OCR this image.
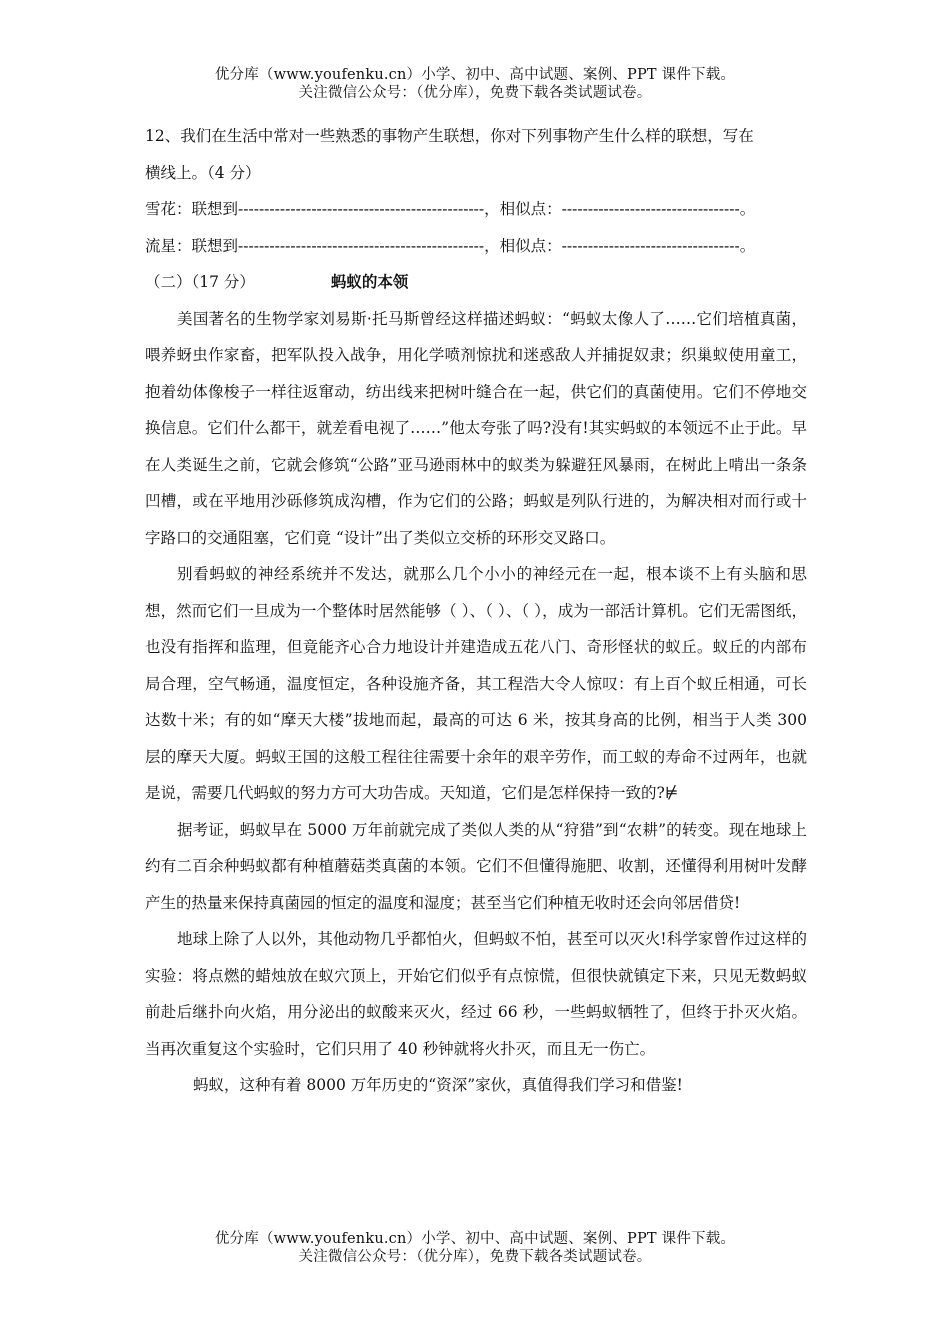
优分库（www.youfenku.cn）小学、初中、高中试题、案例、PPT 课件下载。
关注微信公众号：（优分库），免费下载各类试题试卷。
12、我们在生活中常对一些熟悉的事物产生联想，你对下列事物产生什么样的联想，写在
横线上。（4 分）
雪花：联想到-----------------------------------------------，相似点：----------------------------------。
流星：联想到-----------------------------------------------，相似点：----------------------------------。
（二）（17 分）	蚂蚁的本领
美国著名的生物学家刘易斯·托马斯曾经这样描述蚂蚁：“蚂蚁太像人了……它们培植真菌，喂养蚜虫作家畜，把军队投入战争，用化学喷剂惊扰和迷惑敌人并捕捉奴隶；织巢蚁使用童工，抱着幼体像梭子一样往返窜动，纺出线来把树叶缝合在一起，供它们的真菌使用。它们不停地交换信息。它们什么都干，就差看电视了……”他太夸张了吗?没有!其实蚂蚁的本领远不止于此。早在人类诞生之前，它就会修筑“公路”亚马逊雨林中的蚁类为躲避狂风暴雨，在树此上啃出一条条凹槽，或在平地用沙砾修筑成沟槽，作为它们的公路；蚂蚁是列队行进的，为解决相对而行或十字路口的交通阻塞，它们竟 “设计”出了类似立交桥的环形交叉路口。
别看蚂蚁的神经系统并不发达，就那么几个小小的神经元在一起，根本谈不上有头脑和思想，然而它们一旦成为一个整体时居然能够（ ）、（ ）、（ ），成为一部活计算机。它们无需图纸，也没有指挥和监理，但竟能齐心合力地设计并建造成五花八门、奇形怪状的蚁丘。蚁丘的内部布局合理，空气畅通，温度恒定，各种设施齐备，其工程浩大令人惊叹：有上百个蚁丘相通，可长达数十米；有的如“摩天大楼”拔地而起，最高的可达 6 米，按其身高的比例，相当于人类 300 层的摩天大厦。蚂蚁王国的这般工程往往需要十余年的艰辛劳作，而工蚁的寿命不过两年，也就是说，需要几代蚂蚁的努力方可大功告成。天知道，它们是怎样保持一致的?⊭
据考证，蚂蚁早在 5000 万年前就完成了类似人类的从“狩猎”到“农耕”的转变。现在地球上约有二百余种蚂蚁都有种植蘑菇类真菌的本领。它们不但懂得施肥、收割，还懂得利用树叶发酵产生的热量来保持真菌园的恒定的温度和湿度；甚至当它们种植无收时还会向邻居借贷!
地球上除了人以外，其他动物几乎都怕火，但蚂蚁不怕，甚至可以灭火!科学家曾作过这样的实验：将点燃的蜡烛放在蚁穴顶上，开始它们似乎有点惊慌，但很快就镇定下来，只见无数蚂蚁前赴后继扑向火焰，用分泌出的蚁酸来灭火，经过 66 秒，一些蚂蚁牺牲了，但终于扑灭火焰。当再次重复这个实验时，它们只用了 40 秒钟就将火扑灭，而且无一伤亡。
蚂蚁，这种有着 8000 万年历史的“资深”家伙，真值得我们学习和借鉴!
优分库（www.youfenku.cn）小学、初中、高中试题、案例、PPT 课件下载。
关注微信公众号：（优分库），免费下载各类试题试卷。
